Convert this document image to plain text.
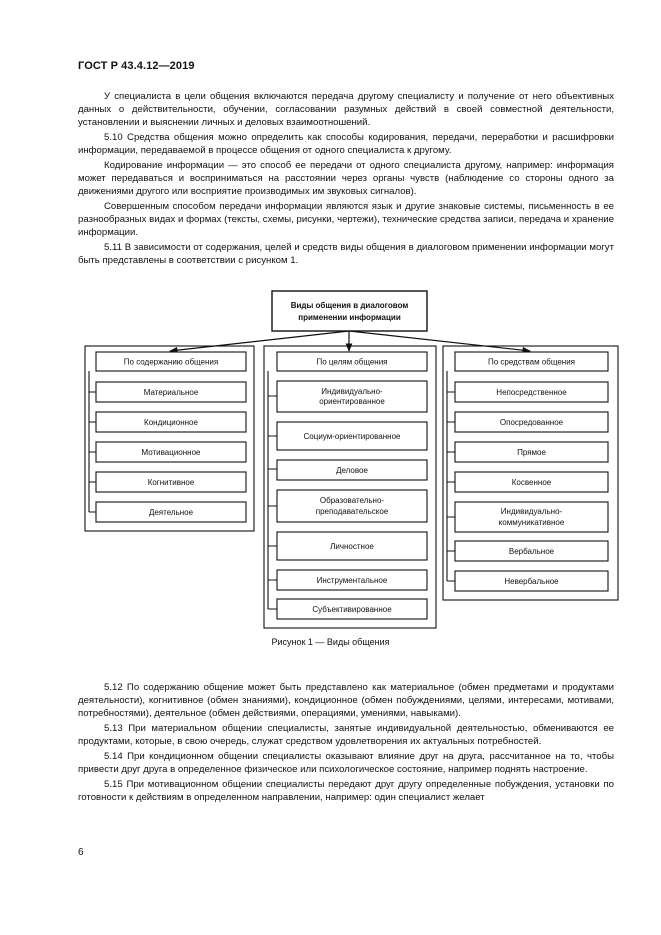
ГОСТ Р 43.4.12—2019

У специалиста в цели общения включаются передача другому специалисту и получение от него объективных данных о действительности, обучении, согласовании разумных действий в своей совместной деятельности, установлении и выяснении личных и деловых взаимоотношений.

5.10 Средства общения можно определить как способы кодирования, передачи, переработки и расшифровки информации, передаваемой в процессе общения от одного специалиста к другому.

Кодирование информации — это способ ее передачи от одного специалиста другому, например: информация может передаваться и восприниматься на расстоянии через органы чувств (наблюдение со стороны одного за движениями другого или восприятие производимых им звуковых сигналов).

Совершенным способом передачи информации являются язык и другие знаковые системы, письменность в ее разнообразных видах и формах (тексты, схемы, рисунки, чертежи), технические средства записи, передача и хранение информации.

5.11 В зависимости от содержания, целей и средств виды общения в диалоговом применении информации могут быть представлены в соответствии с рисунком 1.

Виды общения в диалоговом
применении информации
По содержанию общения
Материальное
Кондиционное
Мотивационное
Когнитивное
Деятельное
По целям общения
Индивидуально-
ориентированное
Социум-ориентированное
Деловое
Образовательно-
преподавательское
Личностное
Инструментальное
Субъективированное
По средствам общения
Непосредственное
Опосредованное
Прямое
Косвенное
Индивидуально-
коммуникативное
Вербальное
Невербальное
Рисунок 1 — Виды общения

5.12 По содержанию общение может быть представлено как материальное (обмен предметами и продуктами деятельности), когнитивное (обмен знаниями), кондиционное (обмен побуждениями, целями, интересами, мотивами, потребностями), деятельное (обмен действиями, операциями, умениями, навыками).

5.13 При материальном общении специалисты, занятые индивидуальной деятельностью, обмениваются ее продуктами, которые, в свою очередь, служат средством удовлетворения их актуальных потребностей.

5.14 При кондиционном общении специалисты оказывают влияние друг на друга, рассчитанное на то, чтобы привести друг друга в определенное физическое или психологическое состояние, например поднять настроение.

5.15 При мотивационном общении специалисты передают друг другу определенные побуждения, установки по готовности к действиям в определенном направлении, например: один специалист желает

6
